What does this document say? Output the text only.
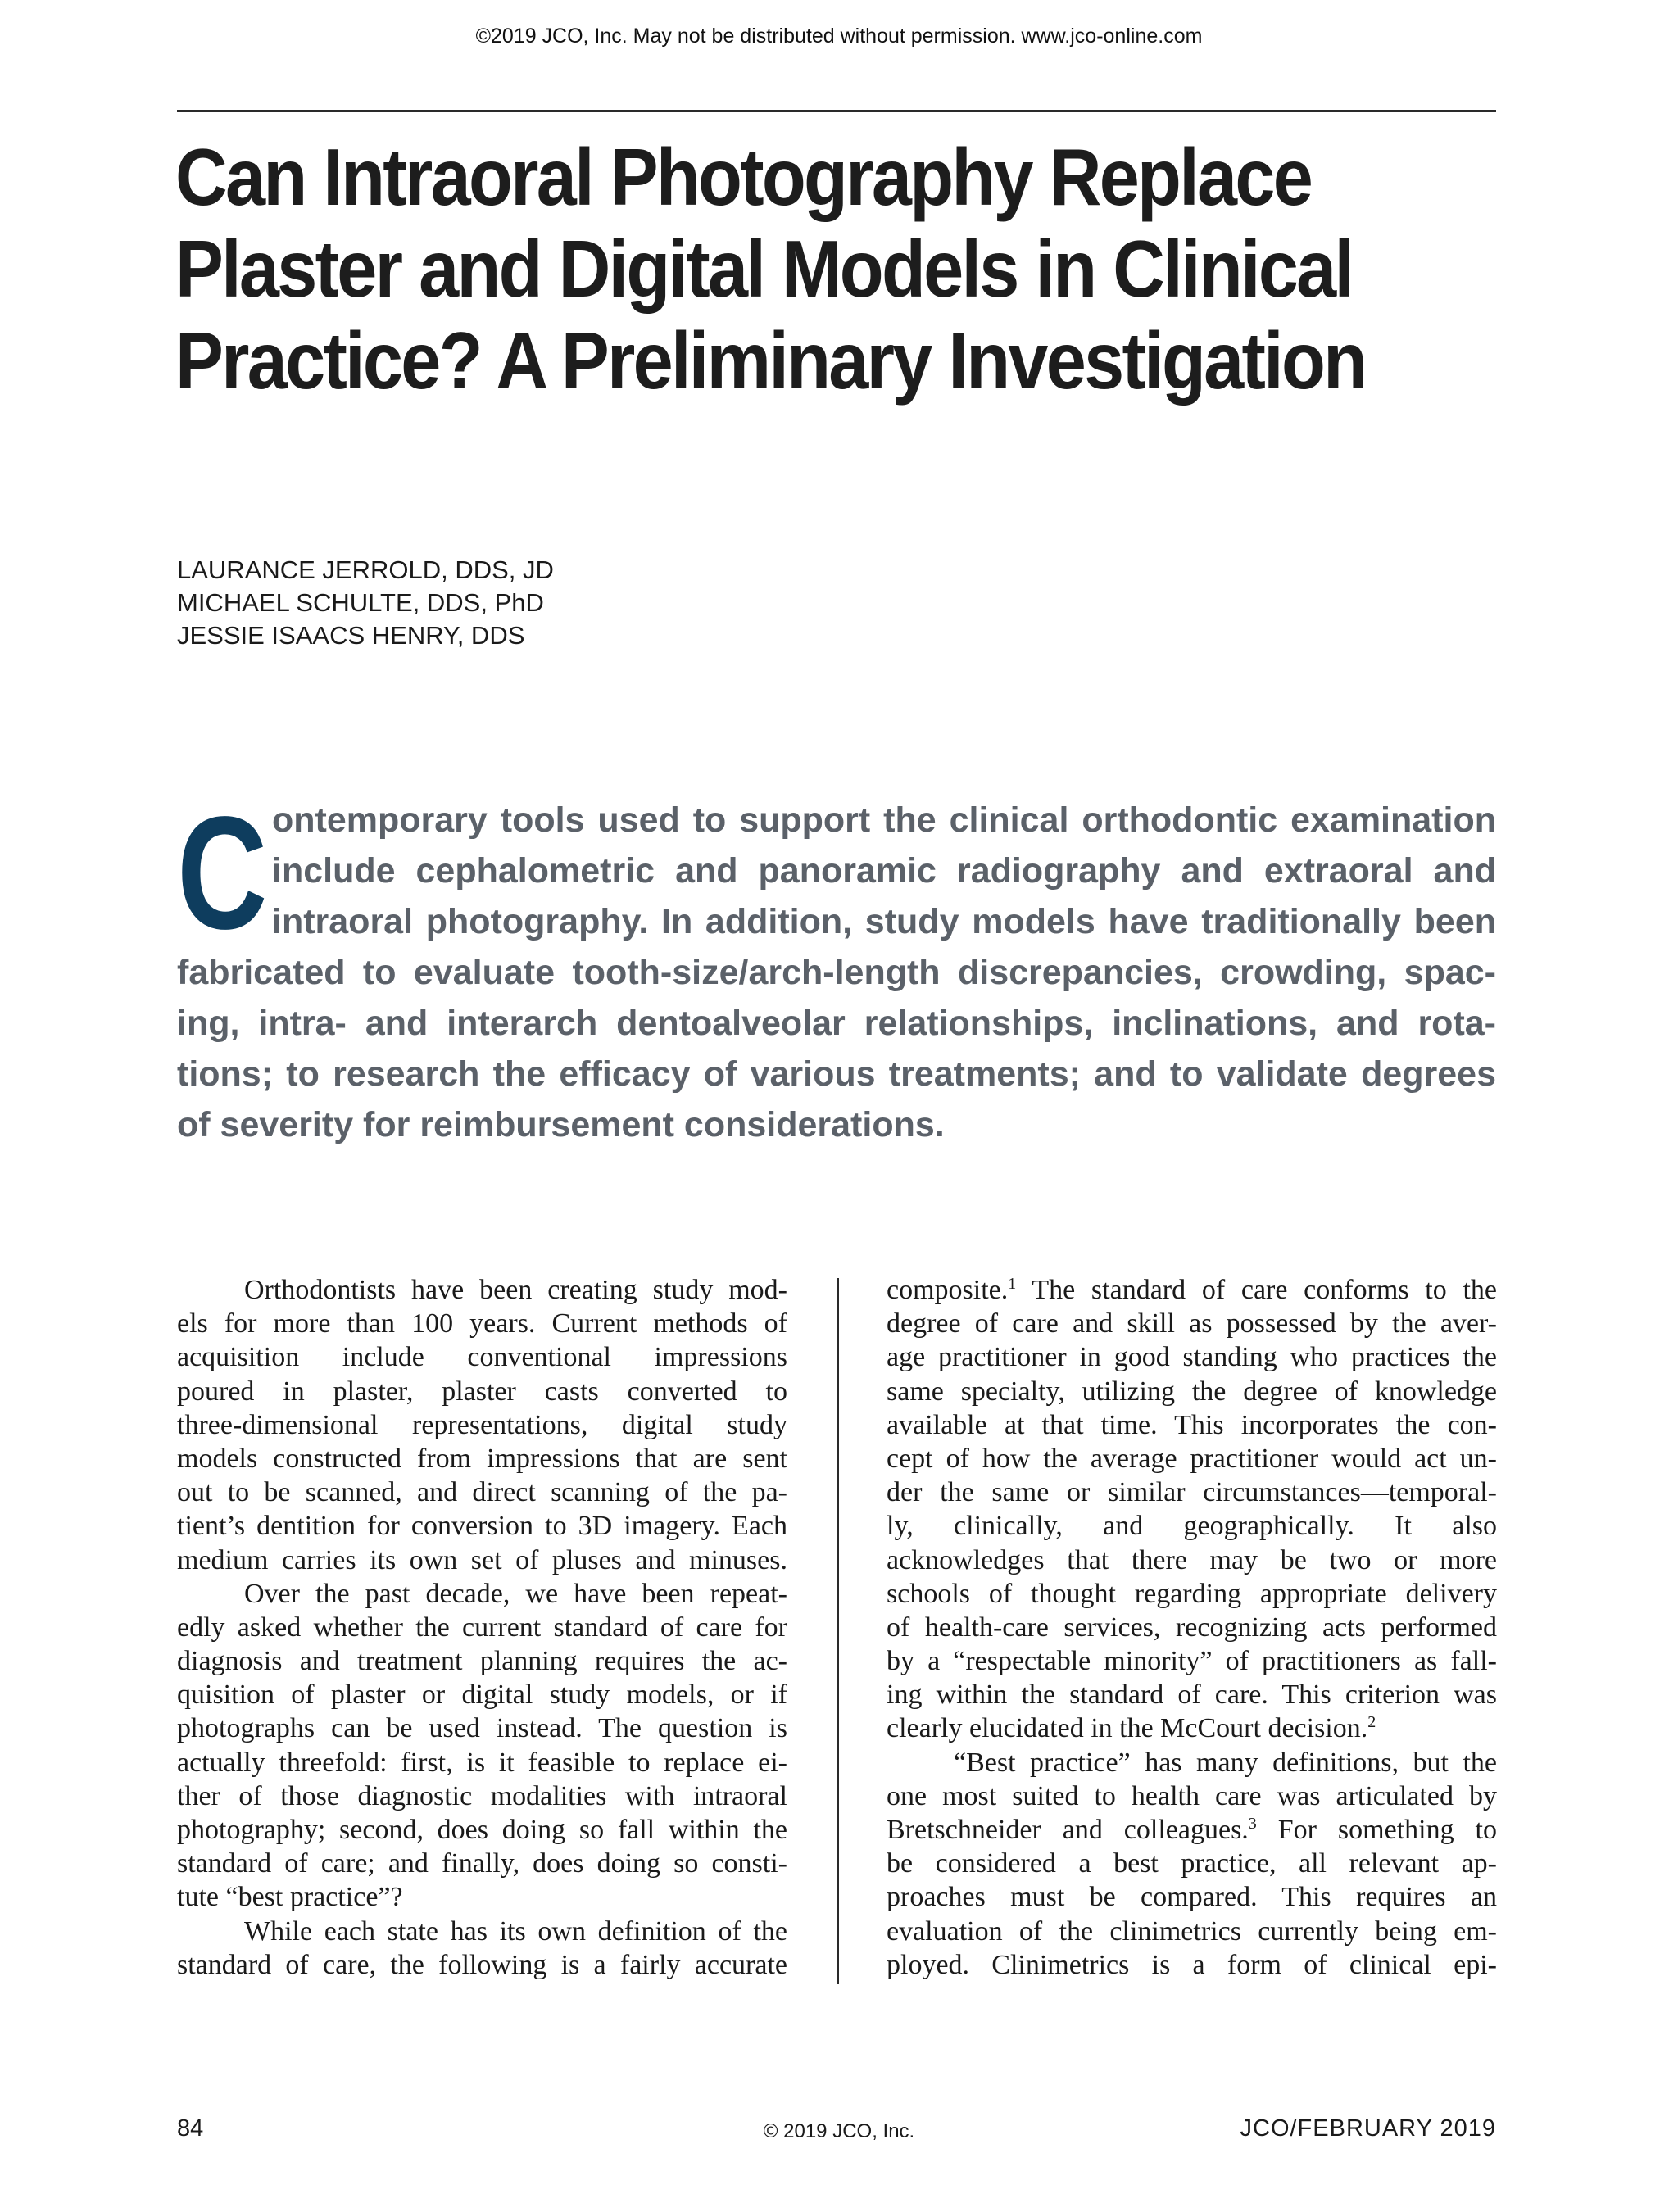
©2019 JCO, Inc. May not be distributed without permission. www.jco-online.com
Can Intraoral Photography Replace
Plaster and Digital Models in Clinical
Practice? A Preliminary Investigation
LAURANCE JERROLD, DDS, JD
MICHAEL SCHULTE, DDS, PhD
JESSIE ISAACS HENRY, DDS
C ontemporary tools used to support the clinical orthodontic examination
include cephalometric and panoramic radiography and extraoral and
intraoral photography. In addition, study models have traditionally been
fabricated to evaluate tooth-size/arch-length discrepancies, crowding, spac-
ing, intra- and interarch dentoalveolar relationships, inclinations, and rota-
tions; to research the efficacy of various treatments; and to validate degrees
of severity for reimbursement considerations.
Orthodontists have been creating study mod-
els for more than 100 years. Current methods of
acquisition include conventional impressions
poured in plaster, plaster casts converted to
three-dimensional representations, digital study
models constructed from impressions that are sent
out to be scanned, and direct scanning of the pa-
tient’s dentition for conversion to 3D imagery. Each
medium carries its own set of pluses and minuses.
Over the past decade, we have been repeat-
edly asked whether the current standard of care for
diagnosis and treatment planning requires the ac-
quisition of plaster or digital study models, or if
photographs can be used instead. The question is
actually threefold: first, is it feasible to replace ei-
ther of those diagnostic modalities with intraoral
photography; second, does doing so fall within the
standard of care; and finally, does doing so consti-
tute “best practice”?
While each state has its own definition of the
standard of care, the following is a fairly accurate
composite.$^1$ The standard of care conforms to the
degree of care and skill as possessed by the aver-
age practitioner in good standing who practices the
same specialty, utilizing the degree of knowledge
available at that time. This incorporates the con-
cept of how the average practitioner would act un-
der the same or similar circumstances—temporal-
ly, clinically, and geographically. It also
acknowledges that there may be two or more
schools of thought regarding appropriate delivery
of health-care services, recognizing acts performed
by a “respectable minority” of practitioners as fall-
ing within the standard of care. This criterion was
clearly elucidated in the McCourt decision.$^2$
“Best practice” has many definitions, but the
one most suited to health care was articulated by
Bretschneider and colleagues.$^3$ For something to
be considered a best practice, all relevant ap-
proaches must be compared. This requires an
evaluation of the clinimetrics currently being em-
ployed. Clinimetrics is a form of clinical epi-
84	© 2019 JCO, Inc.	JCO/FEBRUARY 2019
